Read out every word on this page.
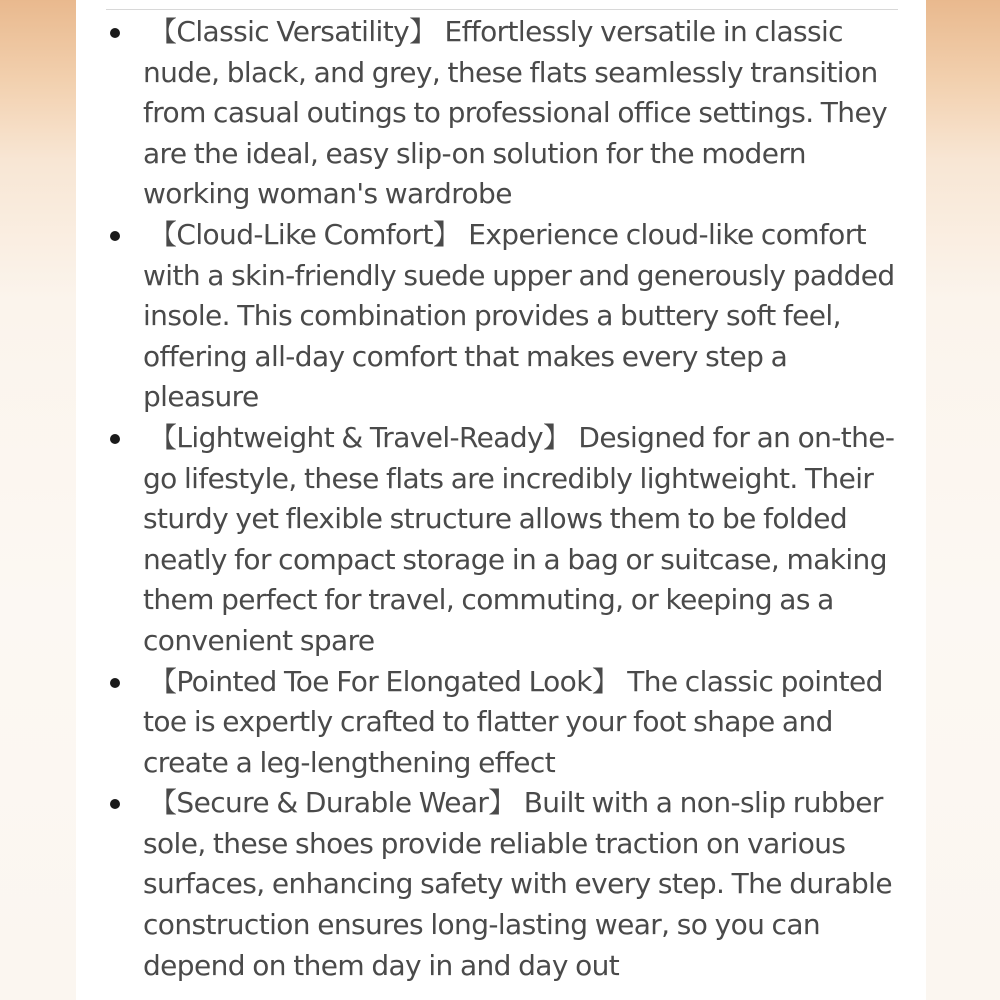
【Classic Versatility】 Effortlessly versatile in classic nude, black, and grey, these flats seamlessly transition from casual outings to professional office settings. They are the ideal, easy slip-on solution for the modern working woman's wardrobe
【Cloud-Like Comfort】 Experience cloud-like comfort with a skin-friendly suede upper and generously padded insole. This combination provides a buttery soft feel, offering all-day comfort that makes every step a pleasure
【Lightweight & Travel-Ready】 Designed for an on-the-go lifestyle, these flats are incredibly lightweight. Their sturdy yet flexible structure allows them to be folded neatly for compact storage in a bag or suitcase, making them perfect for travel, commuting, or keeping as a convenient spare
【Pointed Toe For Elongated Look】 The classic pointed toe is expertly crafted to flatter your foot shape and create a leg-lengthening effect
【Secure & Durable Wear】 Built with a non-slip rubber sole, these shoes provide reliable traction on various surfaces, enhancing safety with every step. The durable construction ensures long-lasting wear, so you can depend on them day in and day out
